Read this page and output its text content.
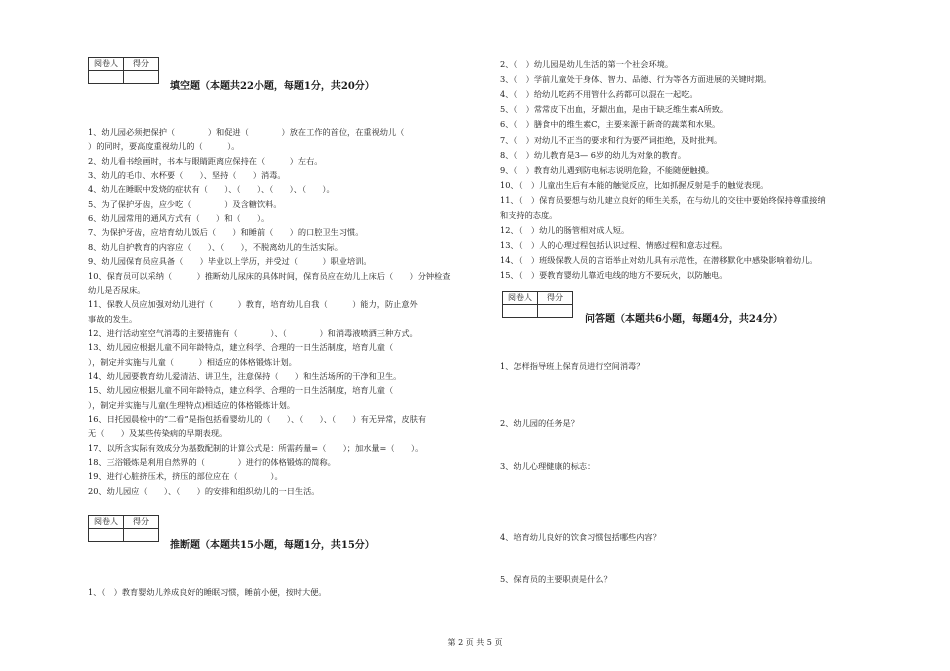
阅卷人	得分

填空题（本题共22小题，每题1分，共20分）
1、幼儿园必须把保护（　　　　）和促进（　　　　）放在工作的首位，在重视幼儿（
）的同时，要高度重视幼儿的（　　　）。
2、幼儿看书绘画时，书本与眼睛距离应保持在（　　　）左右。
3、幼儿的毛巾、水杯要（　　）、坚持（　　）消毒。
4、幼儿在睡眠中发烧的症状有（　　）、（　　）、（　　）、（　　）。
5、为了保护牙齿，应少吃（　　　　）及含糖饮料。
6、幼儿园常用的通风方式有（　　）和（　　）。
7、为保护牙齿，应培育幼儿饭后（　　）和睡前（　　）的口腔卫生习惯。
8、幼儿自护教育的内容应（　　）、（　　），不脱离幼儿的生活实际。
9、幼儿园保育员应具备（　　）毕业以上学历，并受过（　　　）职业培训。
10、保育员可以采纳（　　　）推断幼儿尿床的具体时间，保育员应在幼儿上床后（　　）分钟检查
幼儿是否尿床。
11、保教人员应加强对幼儿进行（　　　）教育，培育幼儿自我（　　　）能力，防止意外
事故的发生。
12、进行活动室空气消毒的主要措施有（　　　　）、（　　　　）和消毒液喷洒三种方式。
13、幼儿园应根据儿童不同年龄特点，建立科学、合理的一日生活制度，培育儿童（　　
），制定并实施与儿童（　　　）相适应的体格锻炼计划。
14、幼儿园要教育幼儿爱清洁、讲卫生，注意保持（　　）和生活场所的干净和卫生。
15、幼儿园应根据儿童不同年龄特点，建立科学、合理的一日生活制度，培育儿童（　　
），制定并实施与儿童(生理特点)相适应的体格锻炼计划。
16、日托园晨检中的“二看”是指包括看婴幼儿的（　　）、（　　）、（　　）有无异常，皮肤有
无（　　）及某些传染病的早期表现。
17、以所含实际有效成分为基数配制的计算公式是：所需药量=（　　）；加水量=（　　）。
18、三浴锻炼是利用自然界的（　　　　）进行的体格锻炼的简称。
19、进行心脏挤压术，挤压的部位应在（　　　　）。
20、幼儿园应（　　）、（　　）的安排和组织幼儿的一日生活。
阅卷人	得分

推断题（本题共15小题，每题1分，共15分）
1、（　）教育婴幼儿养成良好的睡眠习惯，睡前小便，按时大便。
2、（　）幼儿园是幼儿生活的第一个社会环境。
3、（　）学前儿童处于身体、智力、品德、行为等各方面进展的关键时期。
4、（　）给幼儿吃药不用管什么药都可以混在一起吃。
5、（　）常常皮下出血，牙龈出血，是由于缺乏维生素A所致。
6、（　）膳食中的维生素C，主要来源于新奇的蔬菜和水果。
7、（　）对幼儿不正当的要求和行为要严词拒绝，及时批判。
8、（　）幼儿教育是3— 6岁的幼儿为对象的教育。
9、（　）教育幼儿遇到防电标志说明危险，不能随便触摸。
10、（　）儿童出生后有本能的触觉反应，比如抓握反射是手的触觉表现。
11、（　）保育员要想与幼儿建立良好的师生关系，在与幼儿的交往中要始终保持尊重接纳
和支持的态度。
12、（　）幼儿的肠管相对成人短。
13、（　）人的心理过程包括认识过程、情感过程和意志过程。
14、（　）班级保教人员的言语举止对幼儿具有示范性，在潜移默化中感染影响着幼儿。
15、（　）要教育婴幼儿靠近电线的地方不要玩火，以防触电。
阅卷人	得分

问答题（本题共6小题，每题4分，共24分）
1、怎样指导班上保育员进行空间消毒？
2、幼儿园的任务是？
3、幼儿心理健康的标志：
4、培育幼儿良好的饮食习惯包括哪些内容？
5、保育员的主要职责是什么？
第 2 页 共 5 页
